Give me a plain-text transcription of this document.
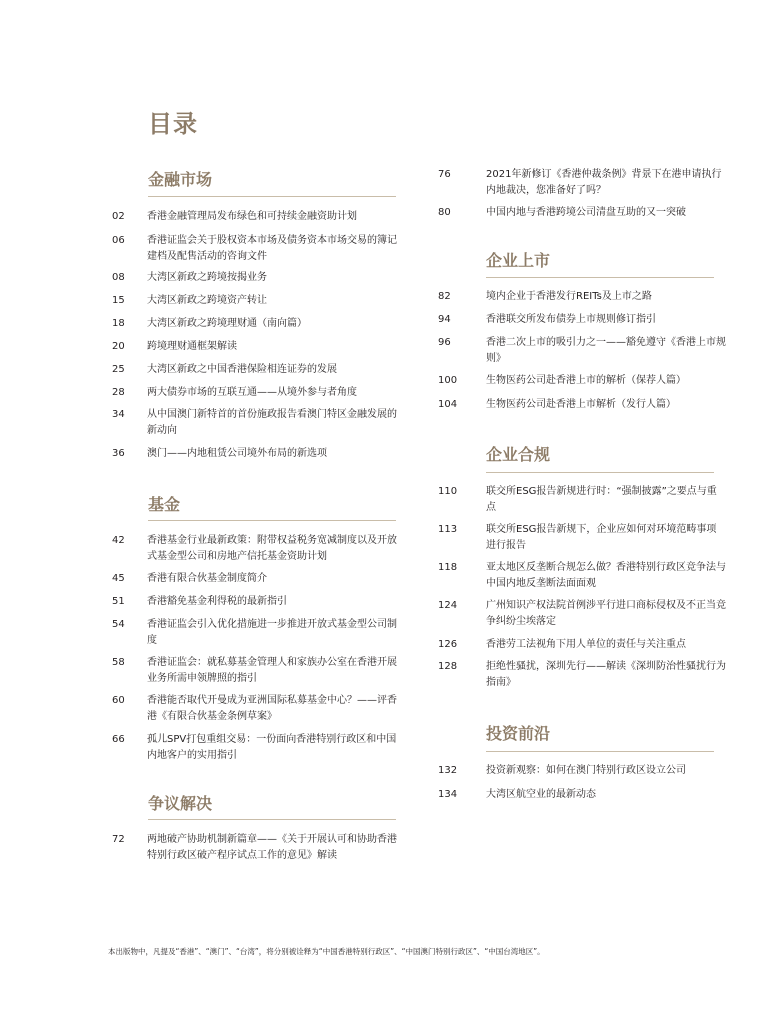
目录
金融市场
02 香港金融管理局发布绿色和可持续金融资助计划
06 香港证监会关于股权资本市场及债务资本市场交易的簿记建档及配售活动的咨询文件
08 大湾区新政之跨境按揭业务
15 大湾区新政之跨境资产转让
18 大湾区新政之跨境理财通（南向篇）
20 跨境理财通框架解读
25 大湾区新政之中国香港保险相连证券的发展
28 两大债券市场的互联互通——从境外参与者角度
34 从中国澳门新特首的首份施政报告看澳门特区金融发展的新动向
36 澳门——内地租赁公司境外布局的新选项
基金
42 香港基金行业最新政策：附带权益税务宽减制度以及开放式基金型公司和房地产信托基金资助计划
45 香港有限合伙基金制度简介
51 香港豁免基金利得税的最新指引
54 香港证监会引入优化措施进一步推进开放式基金型公司制度
58 香港证监会：就私募基金管理人和家族办公室在香港开展业务所需申领牌照的指引
60 香港能否取代开曼成为亚洲国际私募基金中心？——评香港《有限合伙基金条例草案》
66 孤儿SPV打包重组交易：一份面向香港特别行政区和中国内地客户的实用指引
争议解决
72 两地破产协助机制新篇章——《关于开展认可和协助香港特别行政区破产程序试点工作的意见》解读
76	2021年新修订《香港仲裁条例》背景下在港申请执行内地裁决，您准备好了吗？
80	中国内地与香港跨境公司清盘互助的又一突破
企业上市
82	境内企业于香港发行REITs及上市之路
94	香港联交所发布债券上市规则修订指引
96	香港二次上市的吸引力之一——豁免遵守《香港上市规则》
100	生物医药公司赴香港上市的解析（保荐人篇）
104	生物医药公司赴香港上市解析（发行人篇）
企业合规
110	联交所ESG报告新规进行时：“强制披露”之要点与重点
113	联交所ESG报告新规下，企业应如何对环境范畴事项进行报告
118	亚太地区反垄断合规怎么做？香港特别行政区竞争法与中国内地反垄断法面面观
124	广州知识产权法院首例涉平行进口商标侵权及不正当竞争纠纷尘埃落定
126	香港劳工法视角下用人单位的责任与关注重点
128	拒绝性骚扰，深圳先行——解读《深圳防治性骚扰行为指南》
投资前沿
132	投资新观察：如何在澳门特别行政区设立公司
134	大湾区航空业的最新动态
本出版物中，凡提及“香港”、“澳门”、“台湾”，将分别被诠释为“中国香港特别行政区”、“中国澳门特别行政区”、“中国台湾地区”。
